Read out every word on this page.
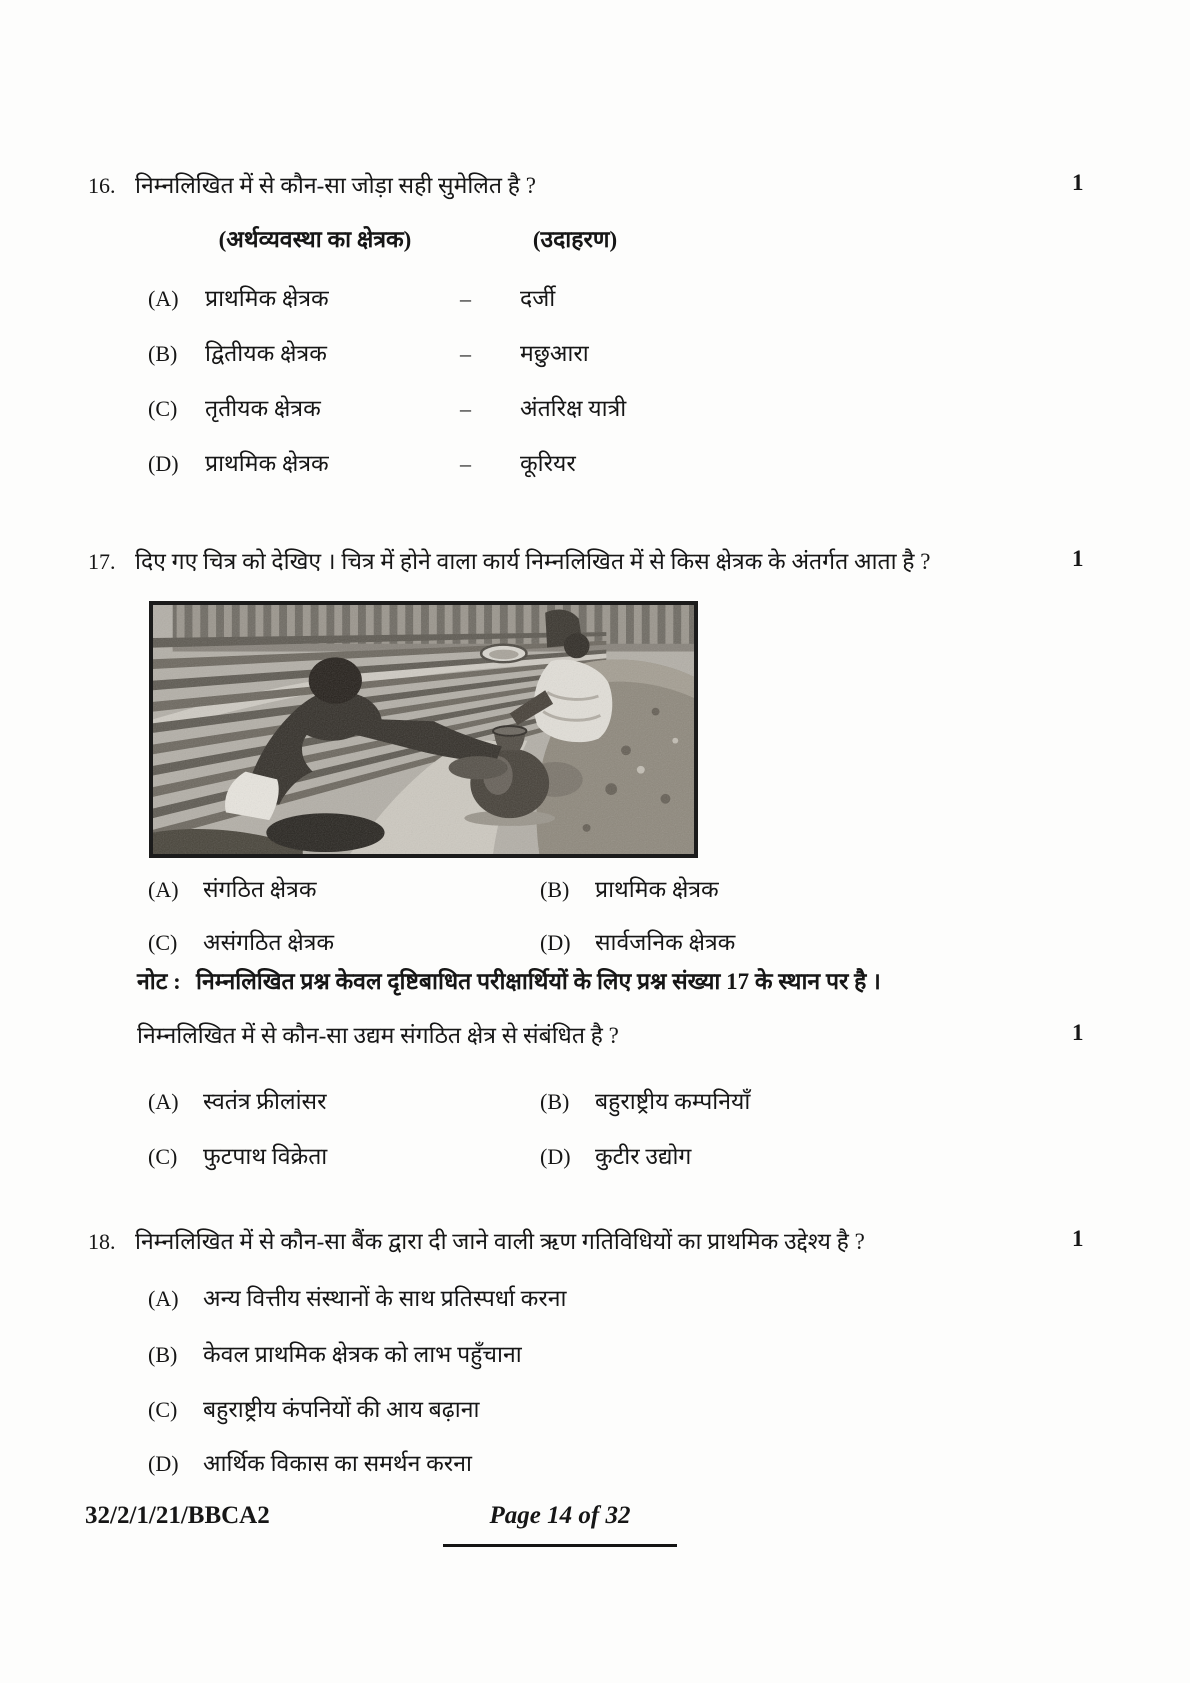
16. निम्नलिखित में से कौन-सा जोड़ा सही सुमेलित है ?	1
(अर्थव्यवस्था का क्षेत्रक)	(उदाहरण)
(A) प्राथमिक क्षेत्रक	– दर्जी
(B) द्वितीयक क्षेत्रक	– मछुआरा
(C) तृतीयक क्षेत्रक	– अंतरिक्ष यात्री
(D) प्राथमिक क्षेत्रक	– कूरियर
17. दिए गए चित्र को देखिए । चित्र में होने वाला कार्य निम्नलिखित में से किस क्षेत्रक के अंतर्गत आता है ?	1
(A) संगठित क्षेत्रक	(B) प्राथमिक क्षेत्रक
(C) असंगठित क्षेत्रक	(D) सार्वजनिक क्षेत्रक
नोट : निम्नलिखित प्रश्न केवल दृष्टिबाधित परीक्षार्थियों के लिए प्रश्न संख्या 17 के स्थान पर है ।
निम्नलिखित में से कौन-सा उद्यम संगठित क्षेत्र से संबंधित है ?	1
(A) स्वतंत्र फ्रीलांसर	(B) बहुराष्ट्रीय कम्पनियाँ
(C) फुटपाथ विक्रेता	(D) कुटीर उद्योग
18. निम्नलिखित में से कौन-सा बैंक द्वारा दी जाने वाली ऋण गतिविधियों का प्राथमिक उद्देश्य है ?	1
(A) अन्य वित्तीय संस्थानों के साथ प्रतिस्पर्धा करना
(B) केवल प्राथमिक क्षेत्रक को लाभ पहुँचाना
(C) बहुराष्ट्रीय कंपनियों की आय बढ़ाना
(D) आर्थिक विकास का समर्थन करना
32/2/1/21/BBCA2	Page 14 of 32
